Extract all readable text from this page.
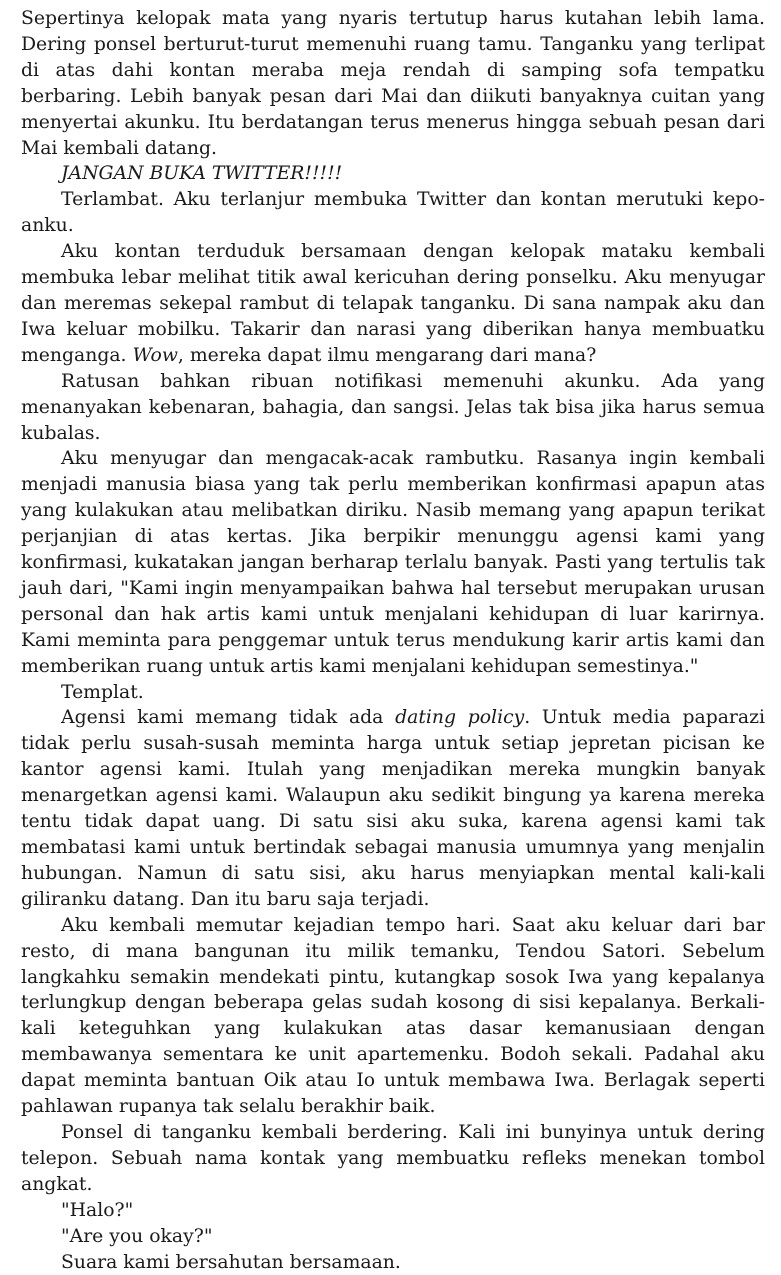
Sepertinya kelopak mata yang nyaris tertutup harus kutahan lebih lama. Dering ponsel berturut-turut memenuhi ruang tamu. Tanganku yang terlipat di atas dahi kontan meraba meja rendah di samping sofa tempatku berbaring. Lebih banyak pesan dari Mai dan diikuti banyaknya cuitan yang menyertai akunku. Itu berdatangan terus menerus hingga sebuah pesan dari Mai kembali datang.

JANGAN BUKA TWITTER!!!!!

Terlambat. Aku terlanjur membuka Twitter dan kontan merutuki kepoanku.

Aku kontan terduduk bersamaan dengan kelopak mataku kembali membuka lebar melihat titik awal kericuhan dering ponselku. Aku menyugar dan meremas sekepal rambut di telapak tanganku. Di sana nampak aku dan Iwa keluar mobilku. Takarir dan narasi yang diberikan hanya membuatku menganga. Wow, mereka dapat ilmu mengarang dari mana?

Ratusan bahkan ribuan notifikasi memenuhi akunku. Ada yang menanyakan kebenaran, bahagia, dan sangsi. Jelas tak bisa jika harus semua kubalas.

Aku menyugar dan mengacak-acak rambutku. Rasanya ingin kembali menjadi manusia biasa yang tak perlu memberikan konfirmasi apapun atas yang kulakukan atau melibatkan diriku. Nasib memang yang apapun terikat perjanjian di atas kertas. Jika berpikir menunggu agensi kami yang konfirmasi, kukatakan jangan berharap terlalu banyak. Pasti yang tertulis tak jauh dari, "Kami ingin menyampaikan bahwa hal tersebut merupakan urusan personal dan hak artis kami untuk menjalani kehidupan di luar karirnya. Kami meminta para penggemar untuk terus mendukung karir artis kami dan memberikan ruang untuk artis kami menjalani kehidupan semestinya."

Templat.

Agensi kami memang tidak ada dating policy. Untuk media paparazi tidak perlu susah-susah meminta harga untuk setiap jepretan picisan ke kantor agensi kami. Itulah yang menjadikan mereka mungkin banyak menargetkan agensi kami. Walaupun aku sedikit bingung ya karena mereka tentu tidak dapat uang. Di satu sisi aku suka, karena agensi kami tak membatasi kami untuk bertindak sebagai manusia umumnya yang menjalin hubungan. Namun di satu sisi, aku harus menyiapkan mental kali-kali giliranku datang. Dan itu baru saja terjadi.

Aku kembali memutar kejadian tempo hari. Saat aku keluar dari bar resto, di mana bangunan itu milik temanku, Tendou Satori. Sebelum langkahku semakin mendekati pintu, kutangkap sosok Iwa yang kepalanya terlungkup dengan beberapa gelas sudah kosong di sisi kepalanya. Berkali-kali keteguhkan yang kulakukan atas dasar kemanusiaan dengan membawanya sementara ke unit apartemenku. Bodoh sekali. Padahal aku dapat meminta bantuan Oik atau Io untuk membawa Iwa. Berlagak seperti pahlawan rupanya tak selalu berakhir baik.

Ponsel di tanganku kembali berdering. Kali ini bunyinya untuk dering telepon. Sebuah nama kontak yang membuatku refleks menekan tombol angkat.

"Halo?"

"Are you okay?"

Suara kami bersahutan bersamaan.
